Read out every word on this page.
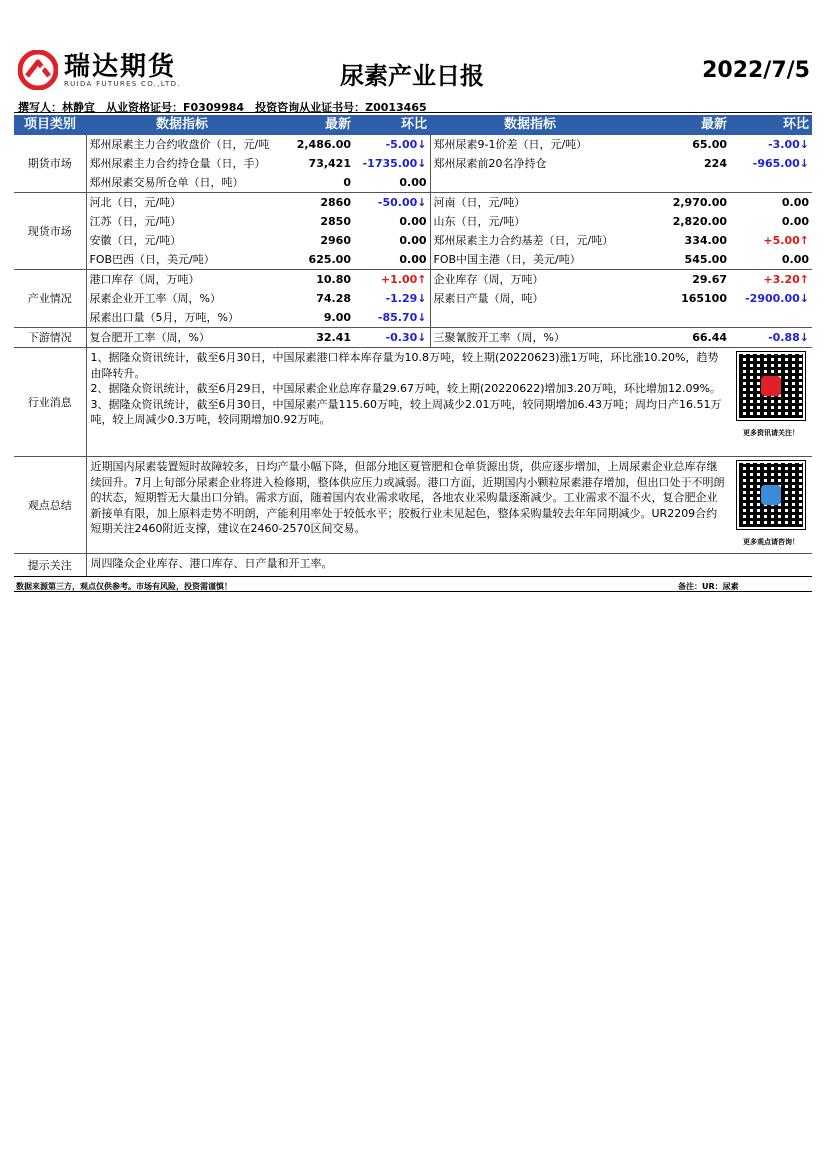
瑞达期货
RUIDA FUTURES CO.,LTD.	尿素产业日报	2022/7/5
撰写人：林静宜　从业资格证号：F0309984　投资咨询从业证书号：Z0013465
项目类别	数据指标	最新	环比	数据指标	最新	环比
期货市场	郑州尿素主力合约收盘价（日，元/吨	2,486.00	-5.00↓	郑州尿素9-1价差（日，元/吨）	65.00	-3.00↓
	郑州尿素主力合约持仓量（日，手）	73,421	-1735.00↓	郑州尿素前20名净持仓	224	-965.00↓
	郑州尿素交易所仓单（日，吨）	0	0.00			
现货市场	河北（日，元/吨）	2860	-50.00↓	河南（日，元/吨）	2,970.00	0.00
	江苏（日，元/吨）	2850	0.00	山东（日，元/吨）	2,820.00	0.00
	安徽（日，元/吨）	2960	0.00	郑州尿素主力合约基差（日，元/吨）	334.00	+5.00↑
	FOB巴西（日，美元/吨）	625.00	0.00	FOB中国主港（日，美元/吨）	545.00	0.00
产业情况	港口库存（周，万吨）	10.80	+1.00↑	企业库存（周，万吨）	29.67	+3.20↑
	尿素企业开工率（周，%）	74.28	-1.29↓	尿素日产量（周，吨）	165100	-2900.00↓
	尿素出口量（5月，万吨，%）	9.00	-85.70↓			
下游情况	复合肥开工率（周，%）	32.41	-0.30↓	三聚氰胺开工率（周，%）	66.44	-0.88↓
行业消息	1、据隆众资讯统计，截至6月30日，中国尿素港口样本库存量为10.8万吨，较上期(20220623)涨1万吨，环比涨10.20%，趋势由降转升。
2、据隆众资讯统计，截至6月29日，中国尿素企业总库存量29.67万吨，较上期(20220622)增加3.20万吨，环比增加12.09%。
3、据隆众资讯统计，截至6月30日，中国尿素产量115.60万吨，较上周减少2.01万吨，较同期增加6.43万吨；周均日产16.51万吨，较上周减少0.3万吨，较同期增加0.92万吨。					更多资讯请关注！

观点总结	近期国内尿素装置短时故障较多，日均产量小幅下降，但部分地区夏管肥和仓单货源出货，供应逐步增加，上周尿素企业总库存继续回升。7月上旬部分尿素企业将进入检修期，整体供应压力或减弱。港口方面，近期国内小颗粒尿素港存增加，但出口处于不明朗的状态，短期暂无大量出口分销。需求方面，随着国内农业需求收尾，各地农业采购量逐渐减少。工业需求不温不火，复合肥企业新接单有限，加上原料走势不明朗，产能利用率处于较低水平；胶板行业未见起色，整体采购量较去年年同期减少。UR2209合约短期关注2460附近支撑，建议在2460-2570区间交易。					更多观点请咨询！

提示关注	周四隆众企业库存、港口库存、日产量和开工率。					
数据来源第三方，观点仅供参考。市场有风险，投资需谨慎！	备注：UR：尿素
